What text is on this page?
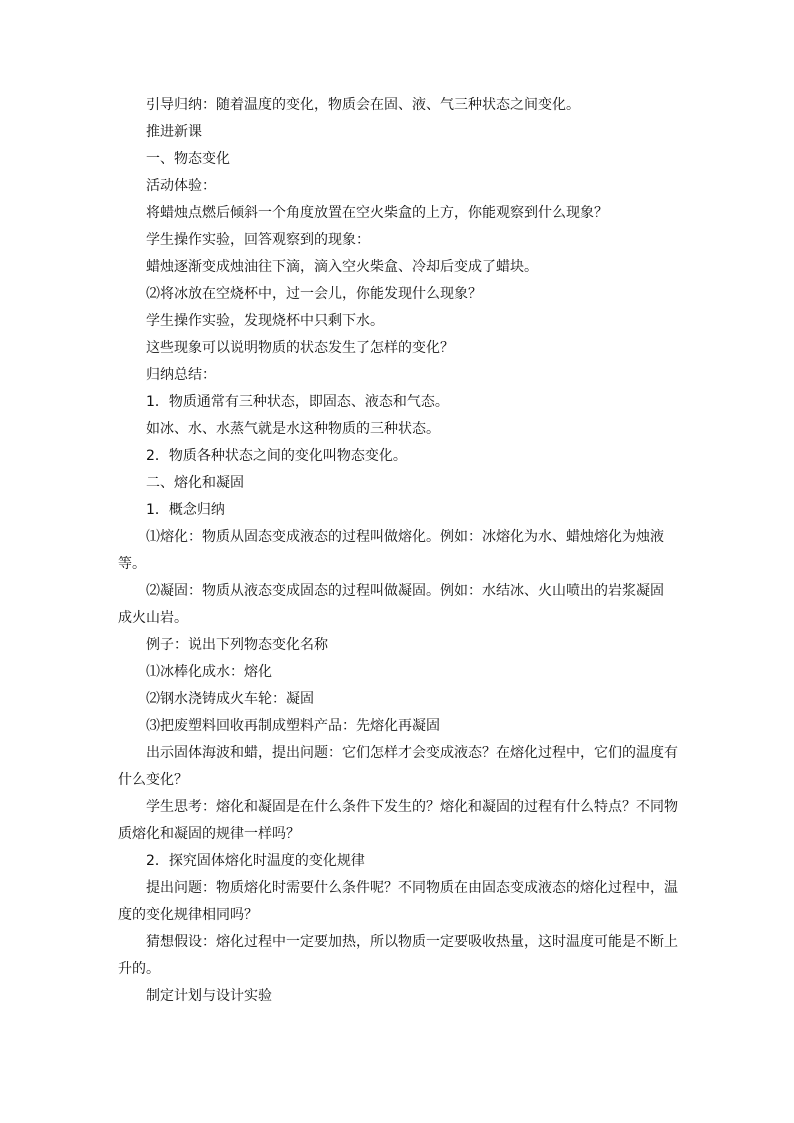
引导归纳：随着温度的变化，物质会在固、液、气三种状态之间变化。
推进新课
一、物态变化
活动体验：
将蜡烛点燃后倾斜一个角度放置在空火柴盒的上方，你能观察到什么现象？
学生操作实验，回答观察到的现象：
蜡烛逐渐变成烛油往下滴，滴入空火柴盒、冷却后变成了蜡块。
⑵将冰放在空烧杯中，过一会儿，你能发现什么现象？
学生操作实验，发现烧杯中只剩下水。
这些现象可以说明物质的状态发生了怎样的变化？
归纳总结：
1．物质通常有三种状态，即固态、液态和气态。
如冰、水、水蒸气就是水这种物质的三种状态。
2．物质各种状态之间的变化叫物态变化。
二、熔化和凝固
1．概念归纳
⑴熔化：物质从固态变成液态的过程叫做熔化。例如：冰熔化为水、蜡烛熔化为烛液
等。
⑵凝固：物质从液态变成固态的过程叫做凝固。例如：水结冰、火山喷出的岩浆凝固
成火山岩。
例子：说出下列物态变化名称
⑴冰棒化成水：熔化
⑵钢水浇铸成火车轮：凝固
⑶把废塑料回收再制成塑料产品：先熔化再凝固
出示固体海波和蜡，提出问题：它们怎样才会变成液态？在熔化过程中，它们的温度有
什么变化？
学生思考：熔化和凝固是在什么条件下发生的？熔化和凝固的过程有什么特点？不同物
质熔化和凝固的规律一样吗？
2．探究固体熔化时温度的变化规律
提出问题：物质熔化时需要什么条件呢？不同物质在由固态变成液态的熔化过程中，温
度的变化规律相同吗？
猜想假设：熔化过程中一定要加热，所以物质一定要吸收热量，这时温度可能是不断上
升的。
制定计划与设计实验
